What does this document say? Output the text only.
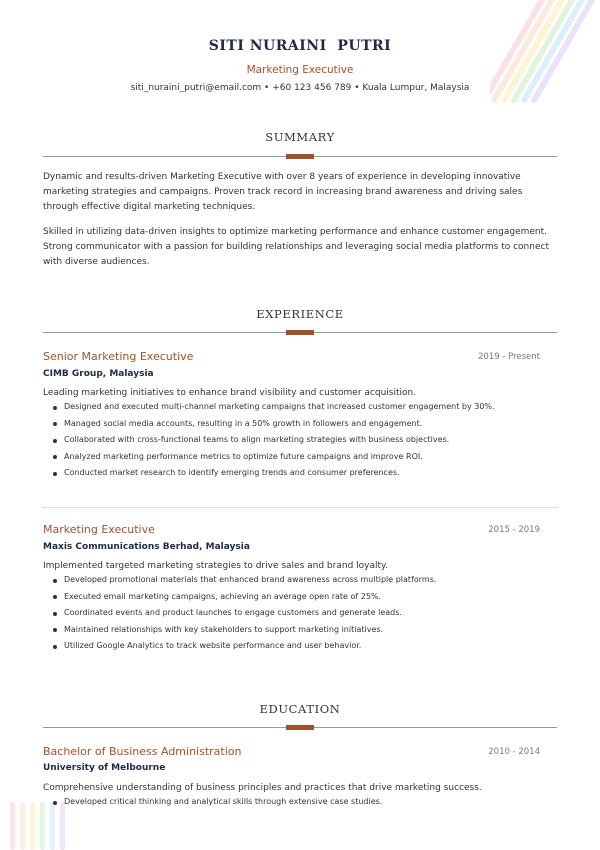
SITI NURAINI  PUTRI
Marketing Executive
siti_nuraini_putri@email.com • +60 123 456 789 • Kuala Lumpur, Malaysia
SUMMARY

Dynamic and results-driven Marketing Executive with over 8 years of experience in developing innovative marketing strategies and campaigns. Proven track record in increasing brand awareness and driving sales through effective digital marketing techniques.

Skilled in utilizing data-driven insights to optimize marketing performance and enhance customer engagement. Strong communicator with a passion for building relationships and leveraging social media platforms to connect with diverse audiences.

EXPERIENCE
Senior Marketing Executive	2019 - Present
CIMB Group, Malaysia
Leading marketing initiatives to enhance brand visibility and customer acquisition.
Designed and executed multi-channel marketing campaigns that increased customer engagement by 30%.
Managed social media accounts, resulting in a 50% growth in followers and engagement.
Collaborated with cross-functional teams to align marketing strategies with business objectives.
Analyzed marketing performance metrics to optimize future campaigns and improve ROI.
Conducted market research to identify emerging trends and consumer preferences.
Marketing Executive	2015 - 2019
Maxis Communications Berhad, Malaysia
Implemented targeted marketing strategies to drive sales and brand loyalty.
Developed promotional materials that enhanced brand awareness across multiple platforms.
Executed email marketing campaigns, achieving an average open rate of 25%.
Coordinated events and product launches to engage customers and generate leads.
Maintained relationships with key stakeholders to support marketing initiatives.
Utilized Google Analytics to track website performance and user behavior.
EDUCATION
Bachelor of Business Administration	2010 - 2014
University of Melbourne
Comprehensive understanding of business principles and practices that drive marketing success.
Developed critical thinking and analytical skills through extensive case studies.
